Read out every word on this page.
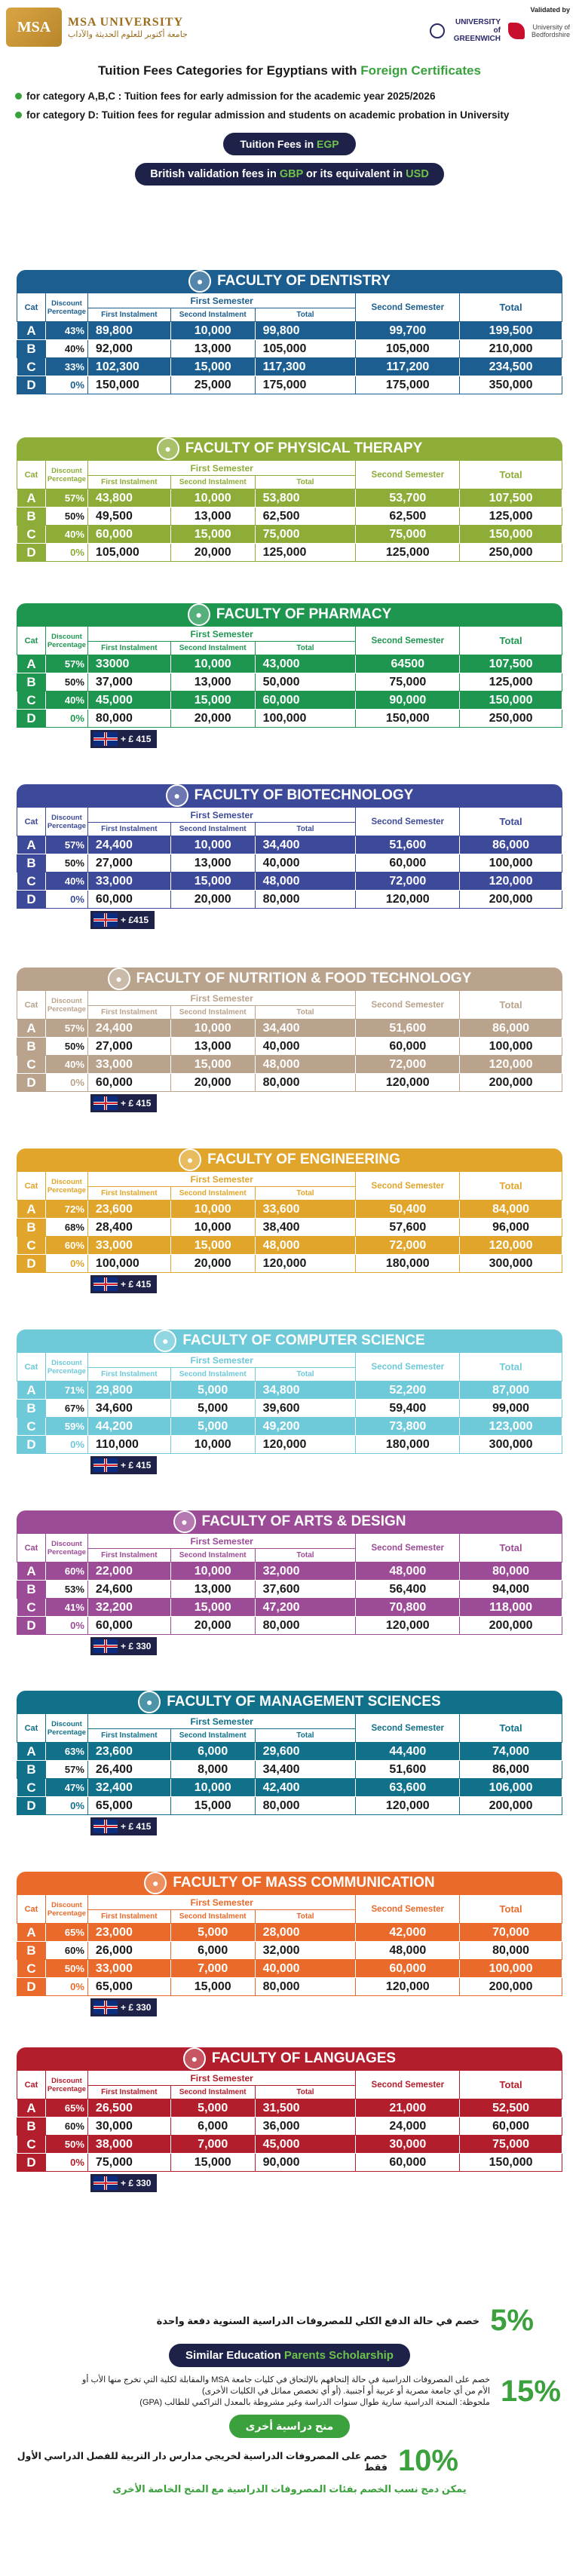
MSA	MSA UNIVERSITY
جامعة أكتوبر للعلوم الحديثة والآداب
Validated by
UNIVERSITY of GREENWICH
University of Bedfordshire
Tuition Fees Categories for Egyptians with Foreign Certificates
for category A,B,C : Tuition fees for early admission for the academic year 2025/2026
for category D: Tuition fees for regular admission and students on academic probation in University
Tuition Fees in EGP
British validation fees in GBP or its equivalent in USD
● FACULTY OF DENTISTRY
Cat	Discount Percentage	First Semester			Second Semester	Total
		First Instalment	Second Instalment	Total		
A	43%	89,800	10,000	99,800	99,700	199,500
B	40%	92,000	13,000	105,000	105,000	210,000
C	33%	102,300	15,000	117,300	117,200	234,500
D	0%	150,000	25,000	175,000	175,000	350,000
● FACULTY OF PHYSICAL THERAPY
Cat	Discount Percentage	First Semester			Second Semester	Total
		First Instalment	Second Instalment	Total		
A	57%	43,800	10,000	53,800	53,700	107,500
B	50%	49,500	13,000	62,500	62,500	125,000
C	40%	60,000	15,000	75,000	75,000	150,000
D	0%	105,000	20,000	125,000	125,000	250,000
● FACULTY OF PHARMACY
Cat	Discount Percentage	First Semester			Second Semester	Total
		First Instalment	Second Instalment	Total		
A	57%	33000	10,000	43,000	64500	107,500
B	50%	37,000	13,000	50,000	75,000	125,000
C	40%	45,000	15,000	60,000	90,000	150,000
D	0%	80,000	20,000	100,000	150,000	250,000
+ £ 415
● FACULTY OF BIOTECHNOLOGY
Cat	Discount Percentage	First Semester			Second Semester	Total
		First Instalment	Second Instalment	Total		
A	57%	24,400	10,000	34,400	51,600	86,000
B	50%	27,000	13,000	40,000	60,000	100,000
C	40%	33,000	15,000	48,000	72,000	120,000
D	0%	60,000	20,000	80,000	120,000	200,000
+ £415
● FACULTY OF NUTRITION & FOOD TECHNOLOGY
Cat	Discount Percentage	First Semester			Second Semester	Total
		First Instalment	Second Instalment	Total		
A	57%	24,400	10,000	34,400	51,600	86,000
B	50%	27,000	13,000	40,000	60,000	100,000
C	40%	33,000	15,000	48,000	72,000	120,000
D	0%	60,000	20,000	80,000	120,000	200,000
+ £ 415
● FACULTY OF ENGINEERING
Cat	Discount Percentage	First Semester			Second Semester	Total
		First Instalment	Second Instalment	Total		
A	72%	23,600	10,000	33,600	50,400	84,000
B	68%	28,400	10,000	38,400	57,600	96,000
C	60%	33,000	15,000	48,000	72,000	120,000
D	0%	100,000	20,000	120,000	180,000	300,000
+ £ 415
● FACULTY OF COMPUTER SCIENCE
Cat	Discount Percentage	First Semester			Second Semester	Total
		First Instalment	Second Instalment	Total		
A	71%	29,800	5,000	34,800	52,200	87,000
B	67%	34,600	5,000	39,600	59,400	99,000
C	59%	44,200	5,000	49,200	73,800	123,000
D	0%	110,000	10,000	120,000	180,000	300,000
+ £ 415
● FACULTY OF ARTS & DESIGN
Cat	Discount Percentage	First Semester			Second Semester	Total
		First Instalment	Second Instalment	Total		
A	60%	22,000	10,000	32,000	48,000	80,000
B	53%	24,600	13,000	37,600	56,400	94,000
C	41%	32,200	15,000	47,200	70,800	118,000
D	0%	60,000	20,000	80,000	120,000	200,000
+ £ 330
● FACULTY OF MANAGEMENT SCIENCES
Cat	Discount Percentage	First Semester			Second Semester	Total
		First Instalment	Second Instalment	Total		
A	63%	23,600	6,000	29,600	44,400	74,000
B	57%	26,400	8,000	34,400	51,600	86,000
C	47%	32,400	10,000	42,400	63,600	106,000
D	0%	65,000	15,000	80,000	120,000	200,000
+ £ 415
● FACULTY OF MASS COMMUNICATION
Cat	Discount Percentage	First Semester			Second Semester	Total
		First Instalment	Second Instalment	Total		
A	65%	23,000	5,000	28,000	42,000	70,000
B	60%	26,000	6,000	32,000	48,000	80,000
C	50%	33,000	7,000	40,000	60,000	100,000
D	0%	65,000	15,000	80,000	120,000	200,000
+ £ 330
● FACULTY OF LANGUAGES
Cat	Discount Percentage	First Semester			Second Semester	Total
		First Instalment	Second Instalment	Total		
A	65%	26,500	5,000	31,500	21,000	52,500
B	60%	30,000	6,000	36,000	24,000	60,000
C	50%	38,000	7,000	45,000	30,000	75,000
D	0%	75,000	15,000	90,000	60,000	150,000
+ £ 330
خصم في حالة الدفع الكلي للمصروفات الدراسية السنوية دفعة واحدة 5%
Similar Education Parents Scholarship
خصم على المصروفات الدراسية في حالة إلتحاقهم بالإلتحاق في كليات جامعة MSA والمقابلة لكلية التي تخرج منها الأب أو
الأم من أي جامعة مصرية أو عربية أو أجنبية. (أو أي تخصص مماثل في الكليات الأخرى)
ملحوظة: المنحة الدراسية سارية طوال سنوات الدراسة وغير مشروطة بالمعدل التراكمي للطالب (GPA) 15%
منح دراسية أخرى
خصم على المصروفات الدراسية لخريجي مدارس دار التربية للفصل الدراسي الأول فقط 10%
يمكن دمج نسب الخصم بفئات المصروفات الدراسية مع المنح الخاصة الأخرى
